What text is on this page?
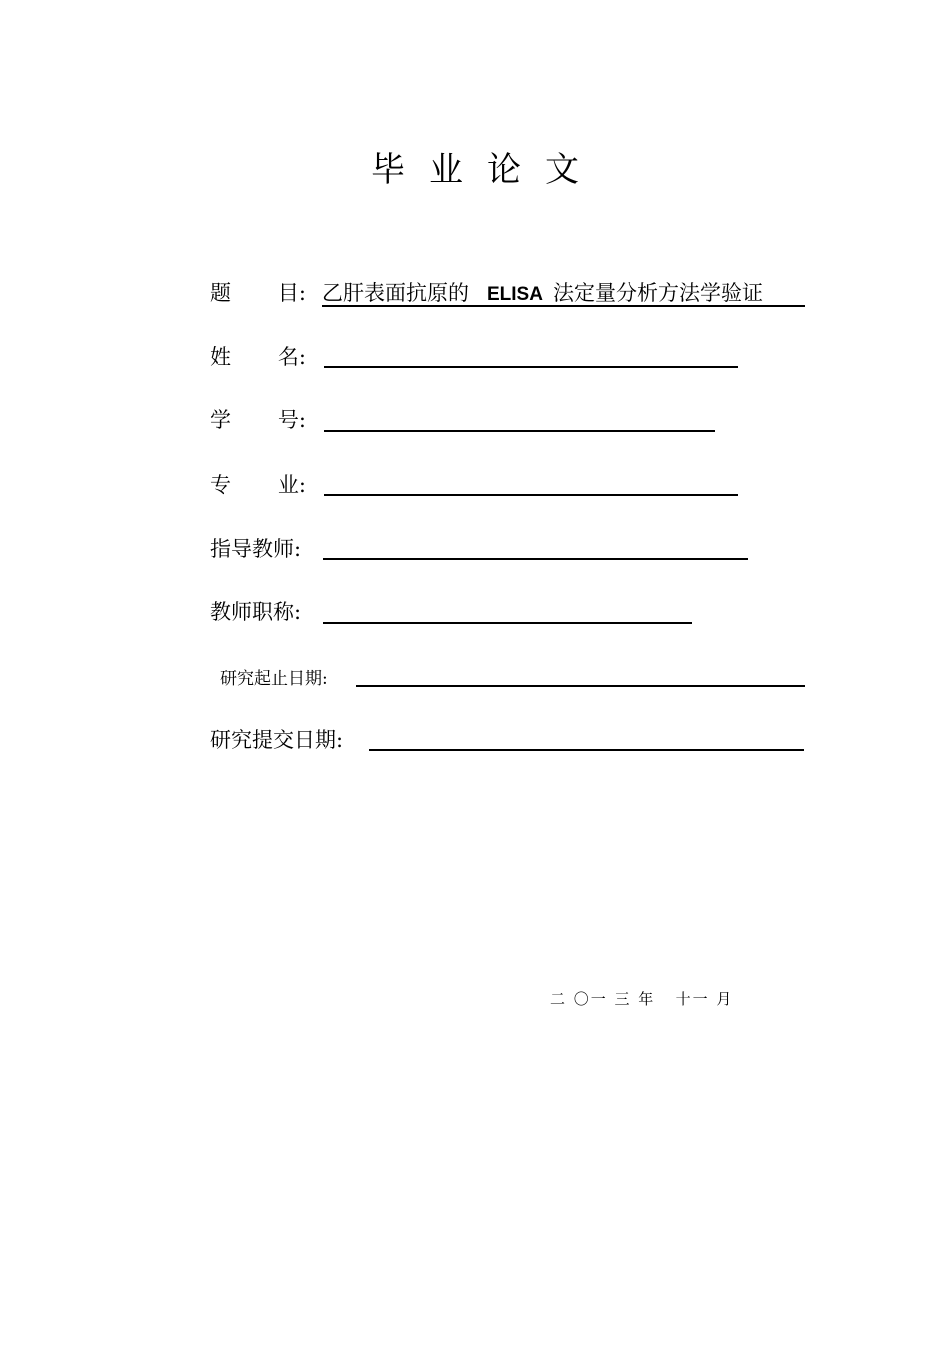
毕业论文
题 目: 乙肝表面抗原的 ELISA 法定量分析方法学验证
姓 名:
学 号:
专 业:
指导教师:
教师职称:
研究起止日期:
研究提交日期:
二 〇一 三 年   十一 月
